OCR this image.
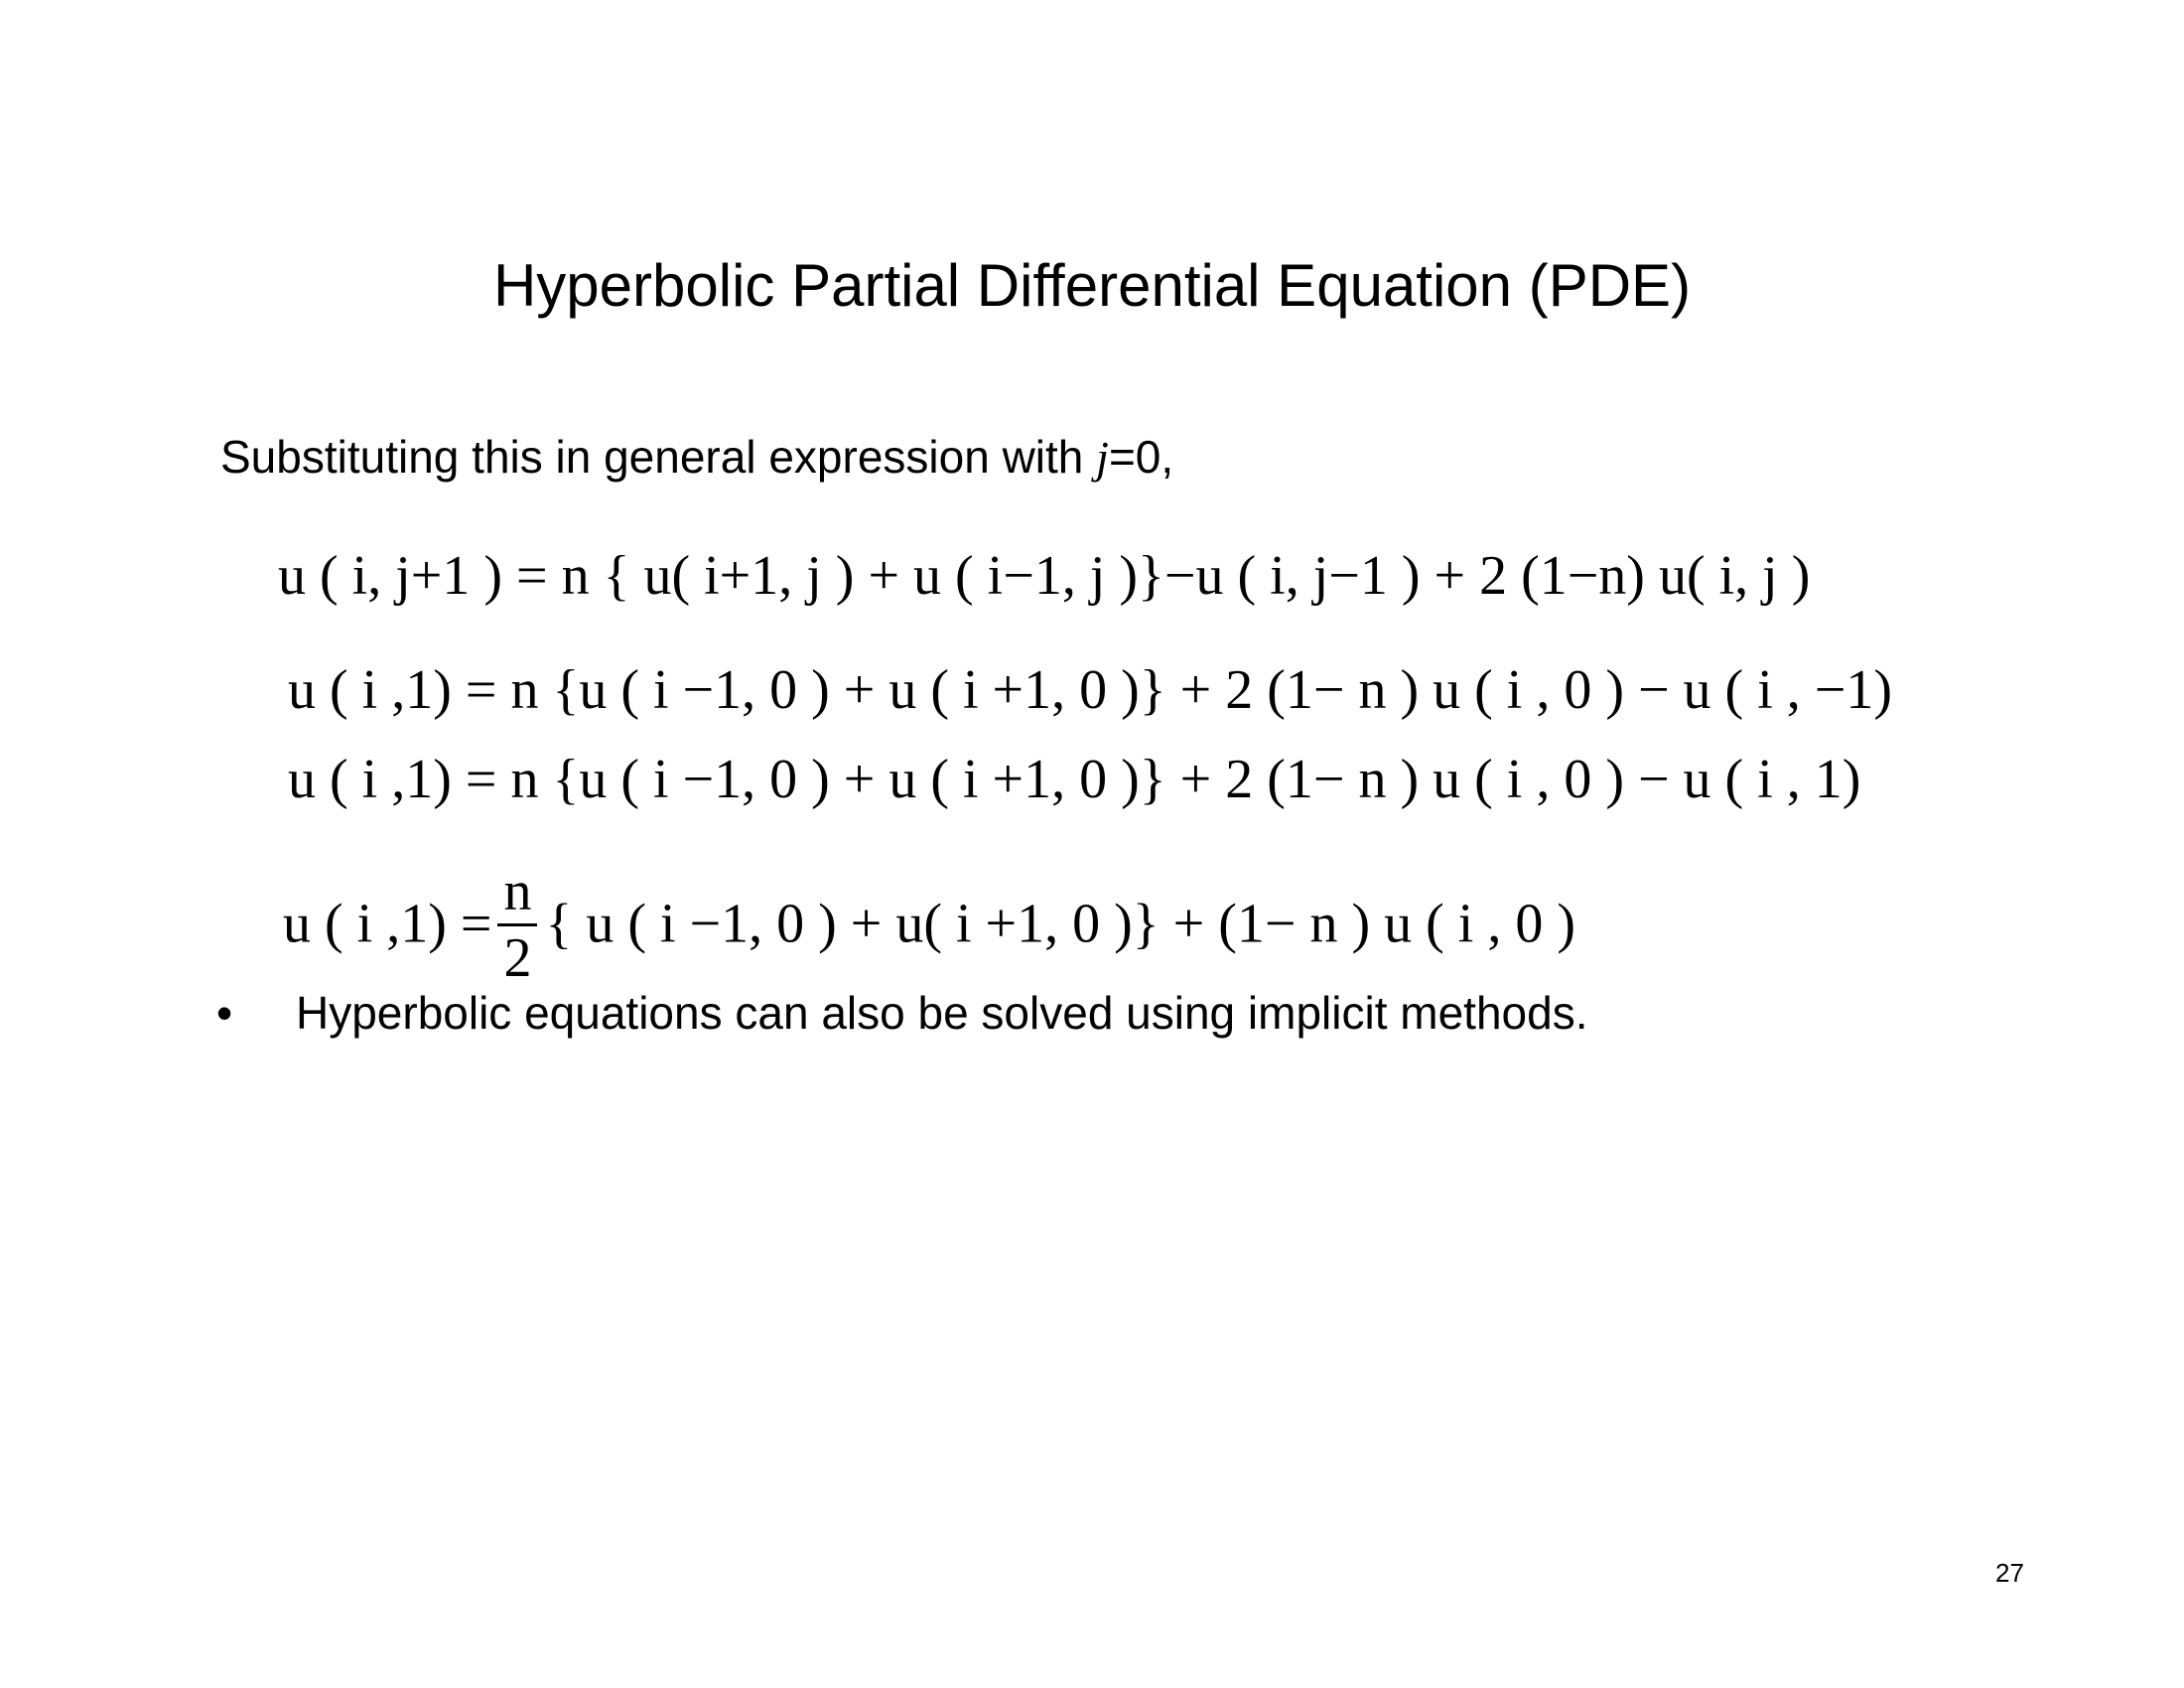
Hyperbolic Partial Differential Equation (PDE)
Substituting this in general expression with j=0,
u ( i, j+1 ) = n { u( i+1, j ) + u ( i−1, j )}−u ( i, j−1 ) + 2 (1−n) u( i, j )
u ( i ,1) = n {u ( i −1, 0 ) + u ( i +1, 0 )} + 2 (1− n ) u ( i , 0 ) − u ( i , −1)
u ( i ,1) = n {u ( i −1, 0 ) + u ( i +1, 0 )} + 2 (1− n ) u ( i , 0 ) − u ( i , 1)
u ( i $,1) = \frac{n}{2}$ { u ( i −1, 0 ) + u( i +1, 0 )} + (1− n ) u ( i , 0 )
• Hyperbolic equations can also be solved using implicit methods.
27
